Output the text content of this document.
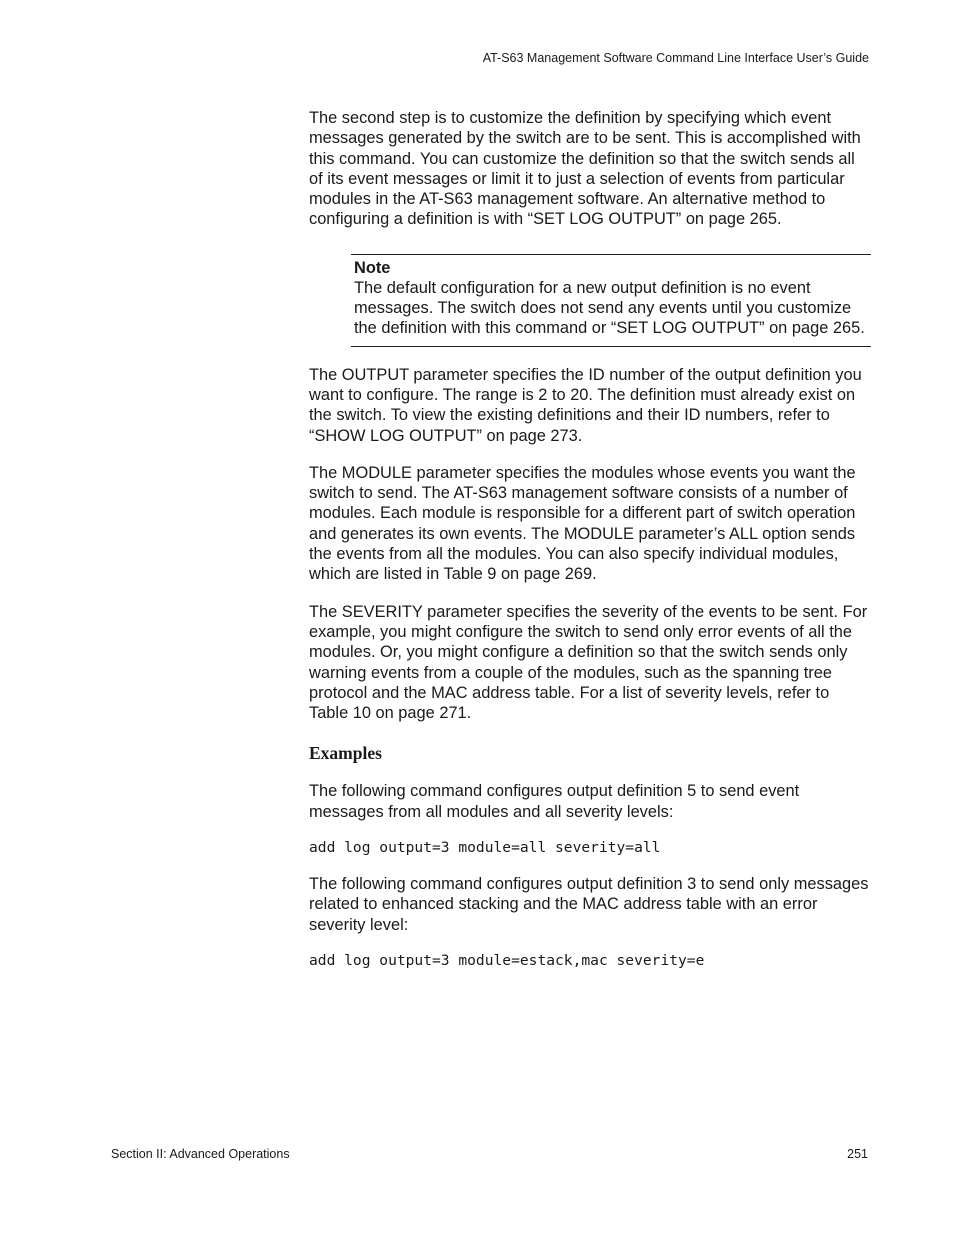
AT-S63 Management Software Command Line Interface User’s Guide

The second step is to customize the definition by specifying which event messages generated by the switch are to be sent. This is accomplished with this command. You can customize the definition so that the switch sends all of its event messages or limit it to just a selection of events from particular modules in the AT-S63 management software. An alternative method to configuring a definition is with “SET LOG OUTPUT” on page 265.

Note
The default configuration for a new output definition is no event messages. The switch does not send any events until you customize the definition with this command or “SET LOG OUTPUT” on page 265.

The OUTPUT parameter specifies the ID number of the output definition you want to configure. The range is 2 to 20. The definition must already exist on the switch. To view the existing definitions and their ID numbers, refer to “SHOW LOG OUTPUT” on page 273.

The MODULE parameter specifies the modules whose events you want the switch to send. The AT-S63 management software consists of a number of modules. Each module is responsible for a different part of switch operation and generates its own events. The MODULE parameter’s ALL option sends the events from all the modules. You can also specify individual modules, which are listed in Table 9 on page 269.

The SEVERITY parameter specifies the severity of the events to be sent. For example, you might configure the switch to send only error events of all the modules. Or, you might configure a definition so that the switch sends only warning events from a couple of the modules, such as the spanning tree protocol and the MAC address table. For a list of severity levels, refer to Table 10 on page 271.

Examples

The following command configures output definition 5 to send event messages from all modules and all severity levels:

add log output=3 module=all severity=all

The following command configures output definition 3 to send only messages related to enhanced stacking and the MAC address table with an error severity level:

add log output=3 module=estack,mac severity=e
Section II: Advanced Operations	251
